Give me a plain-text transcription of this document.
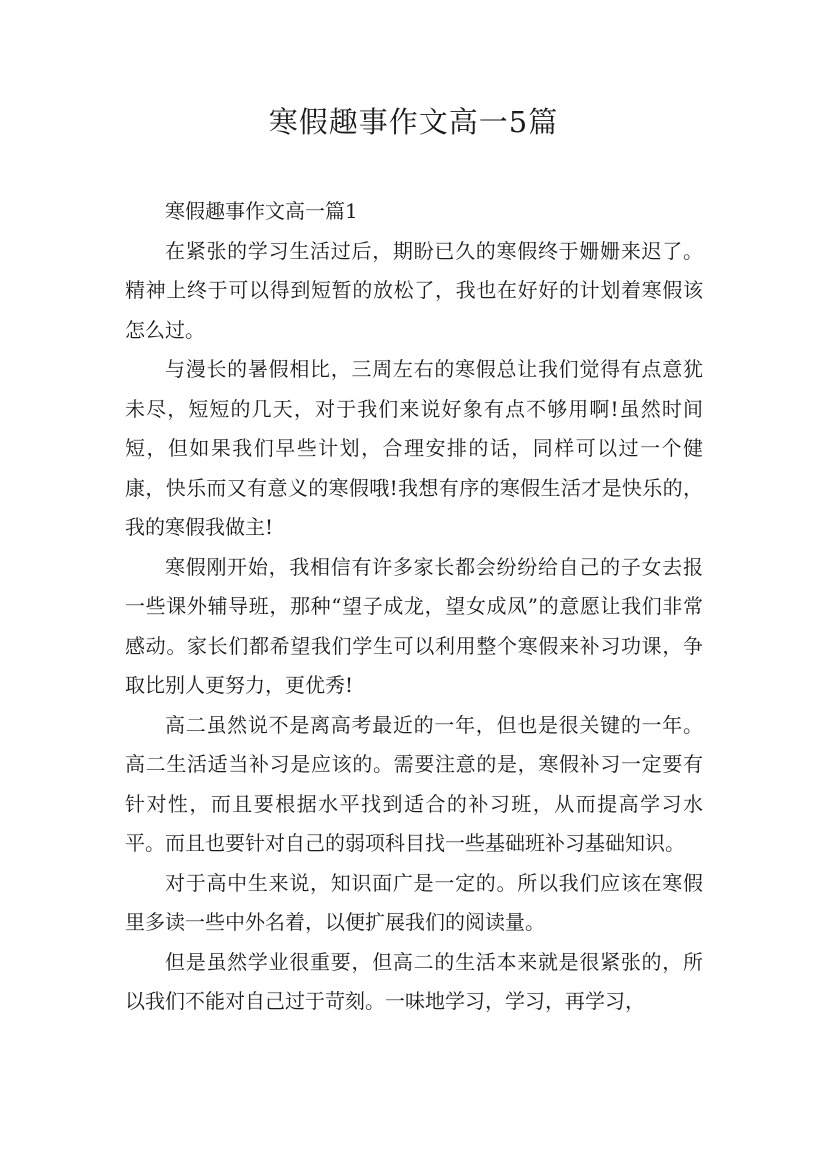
寒假趣事作文高一5篇

寒假趣事作文高一篇1

在紧张的学习生活过后，期盼已久的寒假终于姗姗来迟了。精神上终于可以得到短暂的放松了，我也在好好的计划着寒假该怎么过。

与漫长的暑假相比，三周左右的寒假总让我们觉得有点意犹未尽，短短的几天，对于我们来说好象有点不够用啊!虽然时间短，但如果我们早些计划，合理安排的话，同样可以过一个健康，快乐而又有意义的寒假哦!我想有序的寒假生活才是快乐的，我的寒假我做主!

寒假刚开始，我相信有许多家长都会纷纷给自己的子女去报一些课外辅导班，那种“望子成龙，望女成凤”的意愿让我们非常感动。家长们都希望我们学生可以利用整个寒假来补习功课，争取比别人更努力，更优秀!

高二虽然说不是离高考最近的一年，但也是很关键的一年。高二生活适当补习是应该的。需要注意的是，寒假补习一定要有针对性，而且要根据水平找到适合的补习班，从而提高学习水平。而且也要针对自己的弱项科目找一些基础班补习基础知识。

对于高中生来说，知识面广是一定的。所以我们应该在寒假里多读一些中外名着，以便扩展我们的阅读量。

但是虽然学业很重要，但高二的生活本来就是很紧张的，所以我们不能对自己过于苛刻。一味地学习，学习，再学习，
